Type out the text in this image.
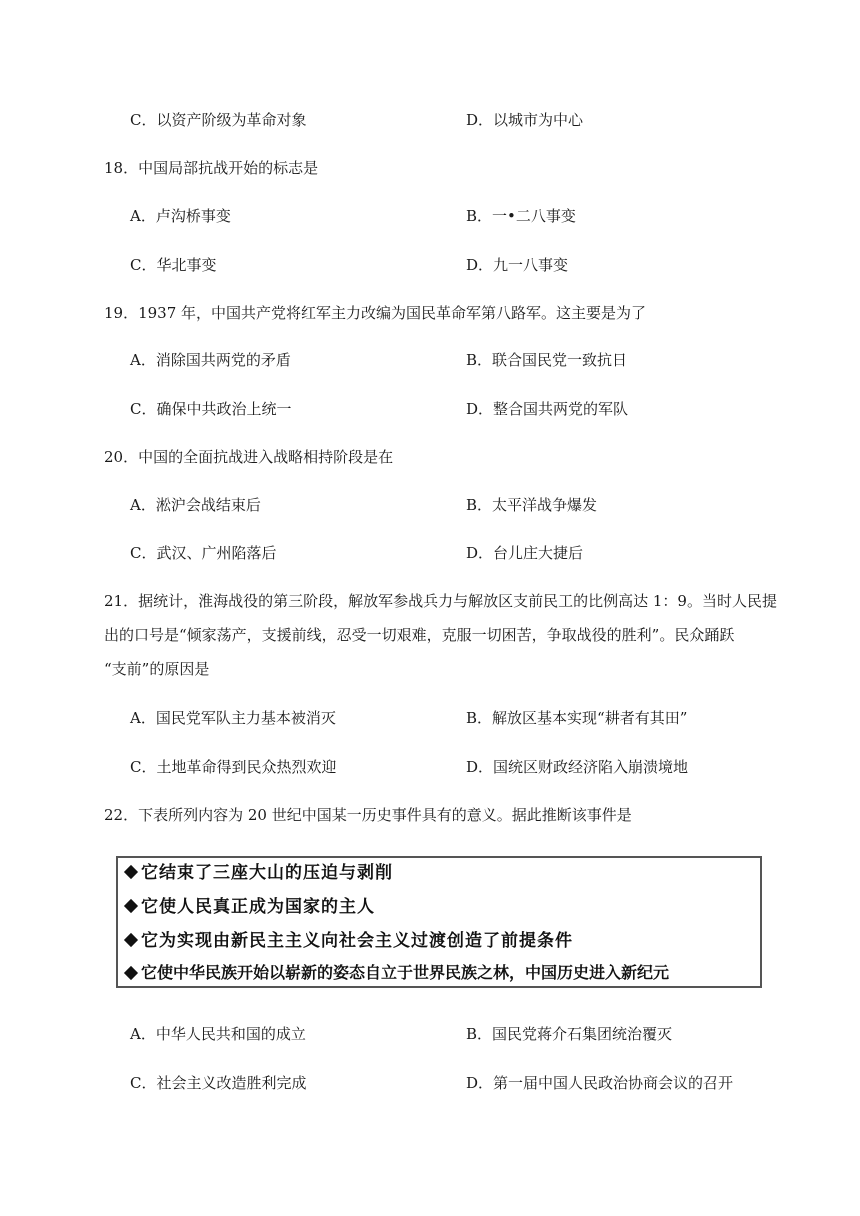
C．以资产阶级为革命对象	D．以城市为中心
18．中国局部抗战开始的标志是
A．卢沟桥事变	B．一•二八事变
C．华北事变	D．九一八事变
19．1937 年，中国共产党将红军主力改编为国民革命军第八路军。这主要是为了
A．消除国共两党的矛盾	B．联合国民党一致抗日
C．确保中共政治上统一	D．整合国共两党的军队
20．中国的全面抗战进入战略相持阶段是在
A．淞沪会战结束后	B．太平洋战争爆发
C．武汉、广州陷落后	D．台儿庄大捷后
21．据统计，淮海战役的第三阶段，解放军参战兵力与解放区支前民工的比例高达 1：9。当时人民提
出的口号是“倾家荡产，支援前线，忍受一切艰难，克服一切困苦，争取战役的胜利”。民众踊跃
“支前”的原因是
A．国民党军队主力基本被消灭	B．解放区基本实现“耕者有其田”
C．土地革命得到民众热烈欢迎	D．国统区财政经济陷入崩溃境地
22．下表所列内容为 20 世纪中国某一历史事件具有的意义。据此推断该事件是
它结束了三座大山的压迫与剥削
它使人民真正成为国家的主人
它为实现由新民主主义向社会主义过渡创造了前提条件
它使中华民族开始以崭新的姿态自立于世界民族之林，中国历史进入新纪元
A．中华人民共和国的成立	B．国民党蒋介石集团统治覆灭
C．社会主义改造胜利完成	D．第一届中国人民政治协商会议的召开
